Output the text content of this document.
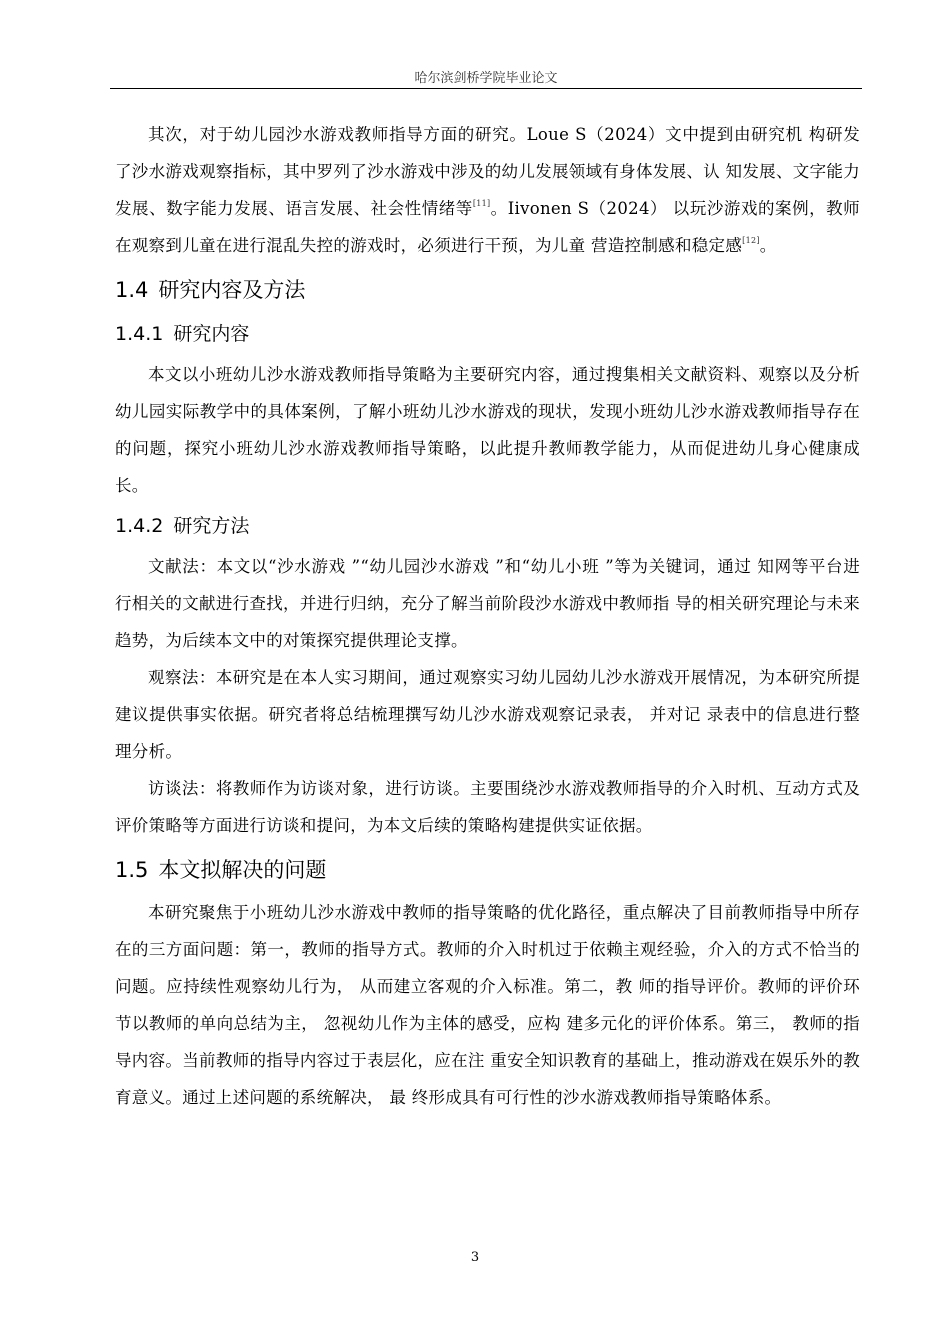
哈尔滨剑桥学院毕业论文

其次，对于幼儿园沙水游戏教师指导方面的研究。Loue S（2024）文中提到由研究机 构研发了沙水游戏观察指标，其中罗列了沙水游戏中涉及的幼儿发展领域有身体发展、认 知发展、文字能力发展、数字能力发展、语言发展、社会性情绪等[11]。Iivonen S（2024） 以玩沙游戏的案例，教师在观察到儿童在进行混乱失控的游戏时，必须进行干预，为儿童 营造控制感和稳定感[12]。

1.4 研究内容及方法
1.4.1 研究内容

本文以小班幼儿沙水游戏教师指导策略为主要研究内容，通过搜集相关文献资料、观察以及分析幼儿园实际教学中的具体案例，了解小班幼儿沙水游戏的现状，发现小班幼儿沙水游戏教师指导存在的问题，探究小班幼儿沙水游戏教师指导策略，以此提升教师教学能力，从而促进幼儿身心健康成长。

1.4.2 研究方法

文献法：本文以“沙水游戏 ”“幼儿园沙水游戏 ”和“幼儿小班 ”等为关键词，通过 知网等平台进行相关的文献进行查找，并进行归纳，充分了解当前阶段沙水游戏中教师指 导的相关研究理论与未来趋势，为后续本文中的对策探究提供理论支撑。

观察法：本研究是在本人实习期间，通过观察实习幼儿园幼儿沙水游戏开展情况，为本研究所提建议提供事实依据。研究者将总结梳理撰写幼儿沙水游戏观察记录表， 并对记 录表中的信息进行整理分析。

访谈法：将教师作为访谈对象，进行访谈。主要围绕沙水游戏教师指导的介入时机、互动方式及评价策略等方面进行访谈和提问，为本文后续的策略构建提供实证依据。

1.5 本文拟解决的问题

本研究聚焦于小班幼儿沙水游戏中教师的指导策略的优化路径，重点解决了目前教师指导中所存在的三方面问题：第一，教师的指导方式。教师的介入时机过于依赖主观经验，介入的方式不恰当的问题。应持续性观察幼儿行为， 从而建立客观的介入标准。第二，教 师的指导评价。教师的评价环节以教师的单向总结为主， 忽视幼儿作为主体的感受，应构 建多元化的评价体系。第三， 教师的指导内容。当前教师的指导内容过于表层化，应在注 重安全知识教育的基础上，推动游戏在娱乐外的教育意义。通过上述问题的系统解决， 最 终形成具有可行性的沙水游戏教师指导策略体系。

3
